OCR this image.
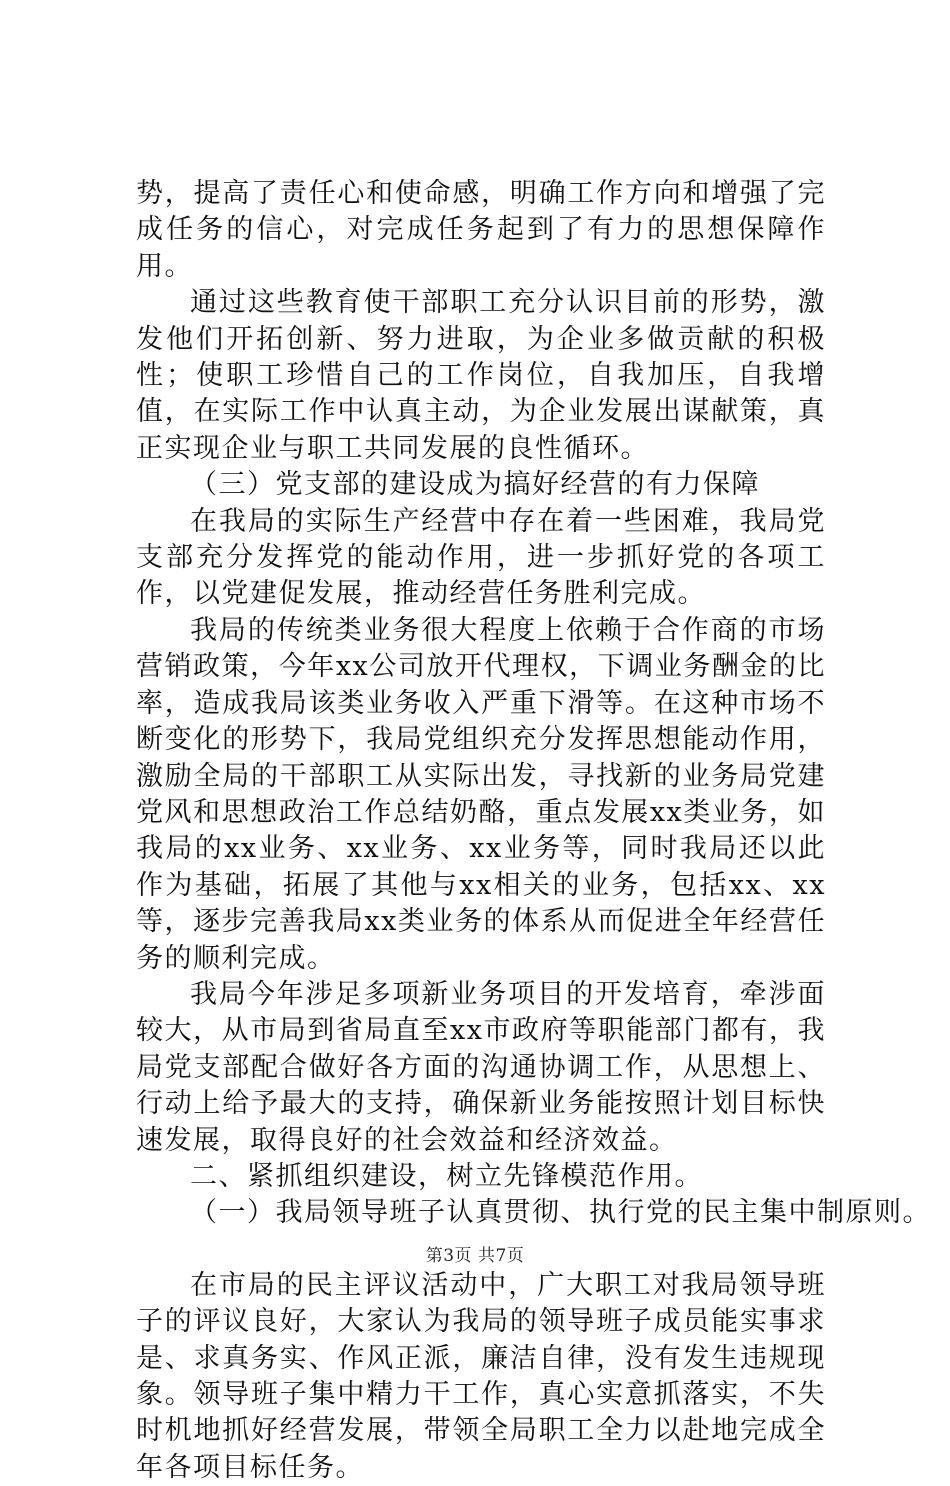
势，提高了责任心和使命感，明确工作方向和增强了完成任务的信心，对完成任务起到了有力的思想保障作用。

通过这些教育使干部职工充分认识目前的形势，激发他们开拓创新、努力进取，为企业多做贡献的积极性；使职工珍惜自己的工作岗位，自我加压，自我增值，在实际工作中认真主动，为企业发展出谋献策，真正实现企业与职工共同发展的良性循环。

（三）党支部的建设成为搞好经营的有力保障

在我局的实际生产经营中存在着一些困难，我局党支部充分发挥党的能动作用，进一步抓好党的各项工作，以党建促发展，推动经营任务胜利完成。

我局的传统类业务很大程度上依赖于合作商的市场营销政策，今年xx公司放开代理权，下调业务酬金的比率，造成我局该类业务收入严重下滑等。在这种市场不断变化的形势下，我局党组织充分发挥思想能动作用，激励全局的干部职工从实际出发，寻找新的业务局党建党风和思想政治工作总结奶酪，重点发展xx类业务，如我局的xx业务、xx业务、xx业务等，同时我局还以此作为基础，拓展了其他与xx相关的业务，包括xx、xx等，逐步完善我局xx类业务的体系从而促进全年经营任务的顺利完成。

我局今年涉足多项新业务项目的开发培育，牵涉面较大，从市局到省局直至xx市政府等职能部门都有，我局党支部配合做好各方面的沟通协调工作，从思想上、行动上给予最大的支持，确保新业务能按照计划目标快速发展，取得良好的社会效益和经济效益。

二、紧抓组织建设，树立先锋模范作用。

（一）我局领导班子认真贯彻、执行党的民主集中制原则。

在市局的民主评议活动中，广大职工对我局领导班子的评议良好，大家认为我局的领导班子成员能实事求是、求真务实、作风正派，廉洁自律，没有发生违规现象。领导班子集中精力干工作，真心实意抓落实，不失时机地抓好经营发展，带领全局职工全力以赴地完成全年各项目标任务。

第3页 共7页
